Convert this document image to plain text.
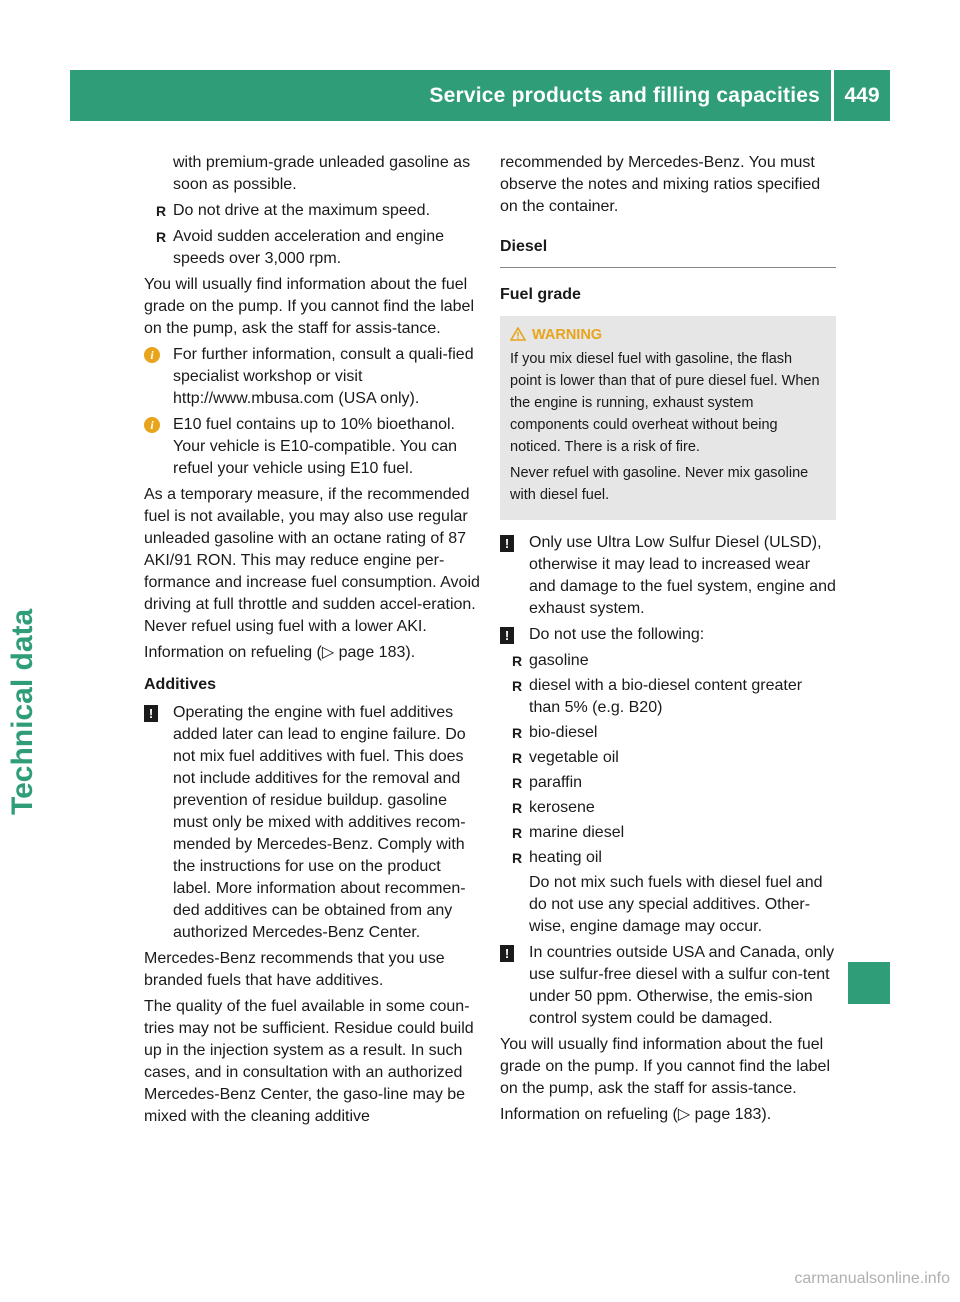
Service products and filling capacities	449
Technical data
with premium-grade unleaded gasoline as soon as possible.
R Do not drive at the maximum speed.
R Avoid sudden acceleration and engine speeds over 3,000 rpm.

You will usually find information about the fuel grade on the pump. If you cannot find the label on the pump, ask the staff for assis-tance.

i	For further information, consult a quali-fied specialist workshop or visit http://www.mbusa.com (USA only).
i	E10 fuel contains up to 10% bioethanol. Your vehicle is E10-compatible. You can refuel your vehicle using E10 fuel.

As a temporary measure, if the recommended fuel is not available, you may also use regular unleaded gasoline with an octane rating of 87 AKI/91 RON. This may reduce engine per-formance and increase fuel consumption. Avoid driving at full throttle and sudden accel-eration. Never refuel using fuel with a lower AKI.

Information on refueling (▷ page 183).

Additives
!	Operating the engine with fuel additives added later can lead to engine failure. Do not mix fuel additives with fuel. This does not include additives for the removal and prevention of residue buildup. gasoline must only be mixed with additives recom-mended by Mercedes-Benz. Comply with the instructions for use on the product label. More information about recommen-ded additives can be obtained from any authorized Mercedes-Benz Center.

Mercedes-Benz recommends that you use branded fuels that have additives.

The quality of the fuel available in some coun-tries may not be sufficient. Residue could build up in the injection system as a result. In such cases, and in consultation with an authorized Mercedes-Benz Center, the gaso-line may be mixed with the cleaning additive

recommended by Mercedes-Benz. You must observe the notes and mixing ratios specified on the container.

Diesel
Fuel grade
WARNING

If you mix diesel fuel with gasoline, the flash point is lower than that of pure diesel fuel. When the engine is running, exhaust system components could overheat without being noticed. There is a risk of fire.

Never refuel with gasoline. Never mix gasoline with diesel fuel.

!	Only use Ultra Low Sulfur Diesel (ULSD), otherwise it may lead to increased wear and damage to the fuel system, engine and exhaust system.
!	Do not use the following:
R gasoline
R diesel with a bio-diesel content greater than 5% (e.g. B20)
R bio-diesel
R vegetable oil
R paraffin
R kerosene
R marine diesel
R heating oil
Do not mix such fuels with diesel fuel and do not use any special additives. Other-wise, engine damage may occur.
!	In countries outside USA and Canada, only use sulfur-free diesel with a sulfur con-tent under 50 ppm. Otherwise, the emis-sion control system could be damaged.

You will usually find information about the fuel grade on the pump. If you cannot find the label on the pump, ask the staff for assis-tance.

Information on refueling (▷ page 183).

carmanualsonline.info
